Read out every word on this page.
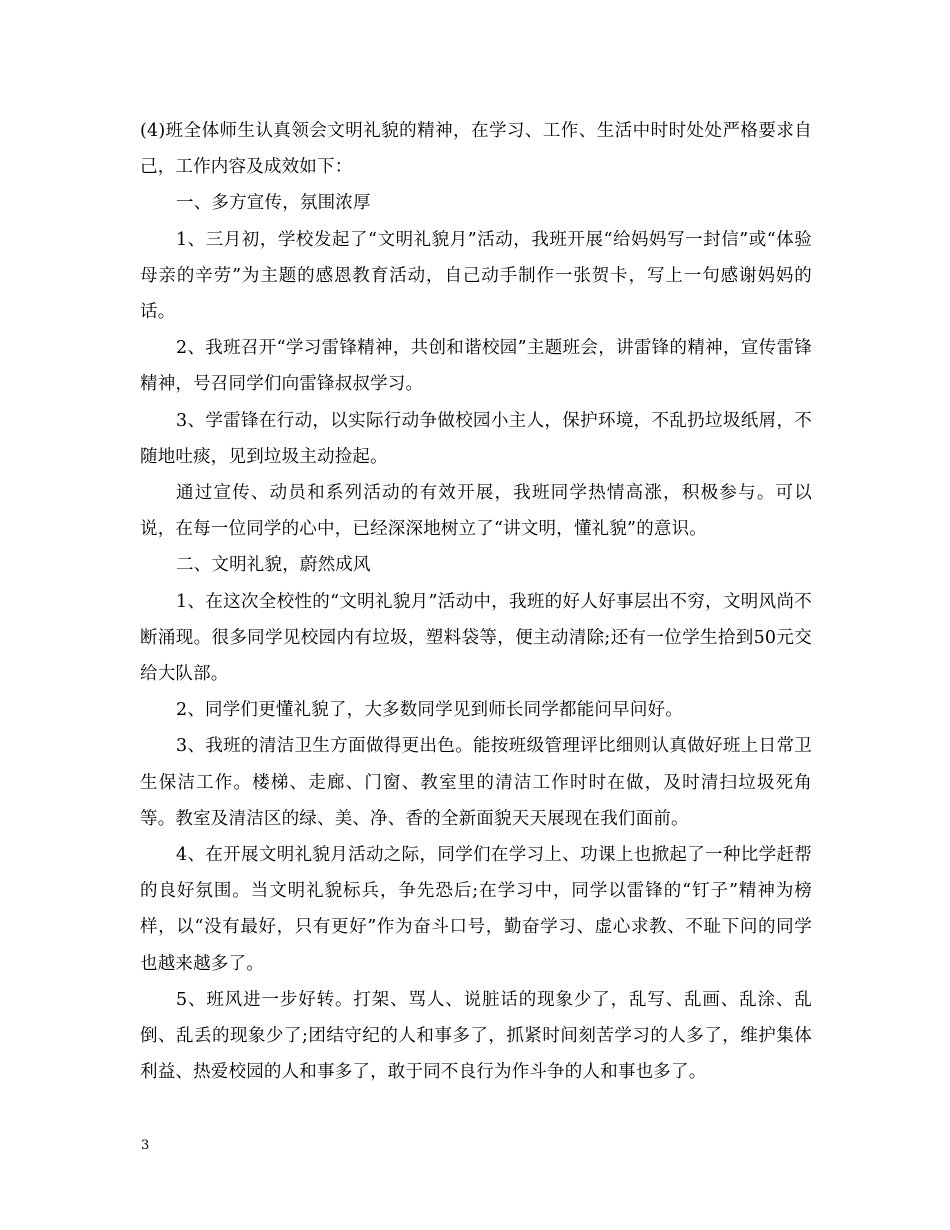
(4)班全体师生认真领会文明礼貌的精神，在学习、工作、生活中时时处处严格要求自己，工作内容及成效如下：

一、多方宣传，氛围浓厚

1、三月初，学校发起了“文明礼貌月”活动，我班开展“给妈妈写一封信”或“体验母亲的辛劳”为主题的感恩教育活动，自己动手制作一张贺卡，写上一句感谢妈妈的话。

2、我班召开“学习雷锋精神，共创和谐校园”主题班会，讲雷锋的精神，宣传雷锋精神，号召同学们向雷锋叔叔学习。

3、学雷锋在行动，以实际行动争做校园小主人，保护环境，不乱扔垃圾纸屑，不随地吐痰，见到垃圾主动捡起。

通过宣传、动员和系列活动的有效开展，我班同学热情高涨，积极参与。可以说，在每一位同学的心中，已经深深地树立了“讲文明，懂礼貌”的意识。

二、文明礼貌，蔚然成风

1、在这次全校性的“文明礼貌月”活动中，我班的好人好事层出不穷，文明风尚不断涌现。很多同学见校园内有垃圾，塑料袋等，便主动清除;还有一位学生拾到50元交给大队部。

2、同学们更懂礼貌了，大多数同学见到师长同学都能问早问好。

3、我班的清洁卫生方面做得更出色。能按班级管理评比细则认真做好班上日常卫生保洁工作。楼梯、走廊、门窗、教室里的清洁工作时时在做，及时清扫垃圾死角等。教室及清洁区的绿、美、净、香的全新面貌天天展现在我们面前。

4、在开展文明礼貌月活动之际，同学们在学习上、功课上也掀起了一种比学赶帮的良好氛围。当文明礼貌标兵，争先恐后;在学习中，同学以雷锋的“钉子”精神为榜样，以“没有最好，只有更好”作为奋斗口号，勤奋学习、虚心求教、不耻下问的同学也越来越多了。

5、班风进一步好转。打架、骂人、说脏话的现象少了，乱写、乱画、乱涂、乱倒、乱丢的现象少了;团结守纪的人和事多了，抓紧时间刻苦学习的人多了，维护集体利益、热爱校园的人和事多了，敢于同不良行为作斗争的人和事也多了。

3
